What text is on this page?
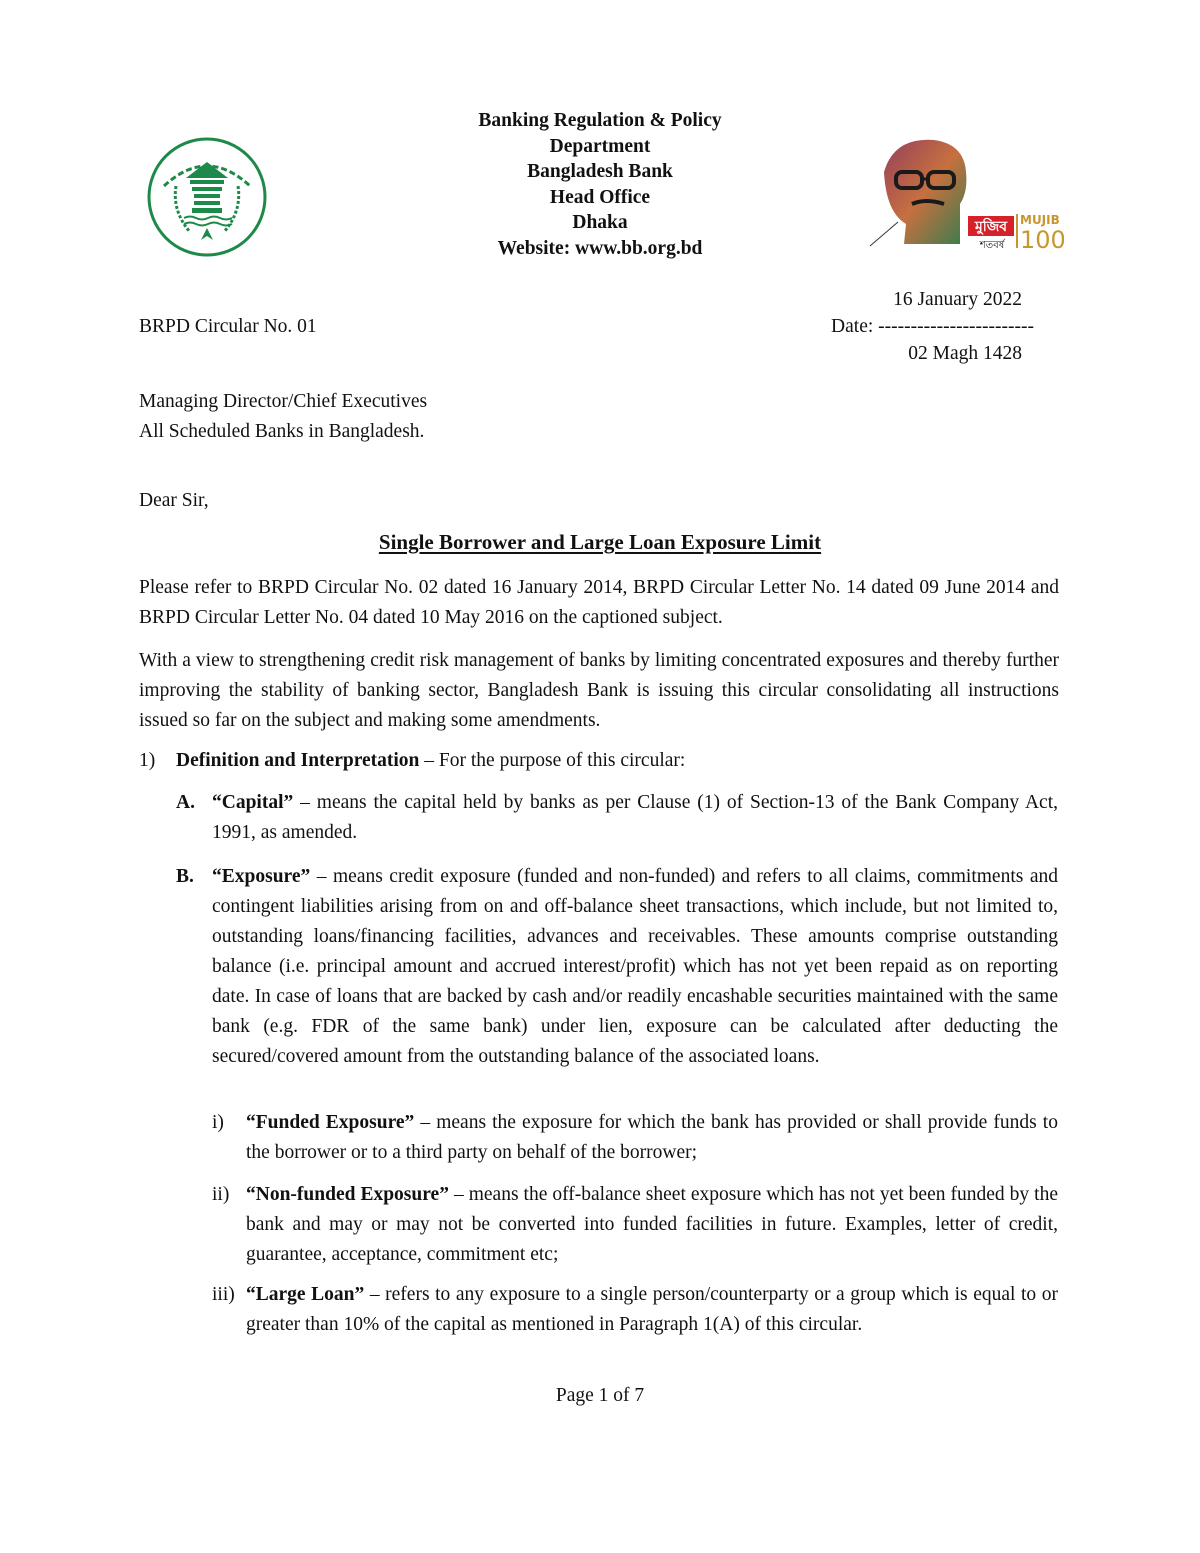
Banking Regulation & Policy
Department
Bangladesh Bank
Head Office
Dhaka
Website: www.bb.org.bd
মুজিব
শতবর্ষ
MUJIB
100
BRPD Circular No. 01
16 January 2022
Date: ------------------------
02 Magh 1428
Managing Director/Chief Executives
All Scheduled Banks in Bangladesh.
Dear Sir,
Single Borrower and Large Loan Exposure Limit
Please refer to BRPD Circular No. 02 dated 16 January 2014, BRPD Circular Letter No. 14 dated 09 June 2014 and BRPD Circular Letter No. 04 dated 10 May 2016 on the captioned subject.
With a view to strengthening credit risk management of banks by limiting concentrated exposures and thereby further improving the stability of banking sector, Bangladesh Bank is issuing this circular consolidating all instructions issued so far on the subject and making some amendments.
1) Definition and Interpretation – For the purpose of this circular:
A. “Capital” – means the capital held by banks as per Clause (1) of Section-13 of the Bank Company Act, 1991, as amended.
B. “Exposure” – means credit exposure (funded and non-funded) and refers to all claims, commitments and contingent liabilities arising from on and off-balance sheet transactions, which include, but not limited to, outstanding loans/financing facilities, advances and receivables. These amounts comprise outstanding balance (i.e. principal amount and accrued interest/profit) which has not yet been repaid as on reporting date. In case of loans that are backed by cash and/or readily encashable securities maintained with the same bank (e.g. FDR of the same bank) under lien, exposure can be calculated after deducting the secured/covered amount from the outstanding balance of the associated loans.
i) “Funded Exposure” – means the exposure for which the bank has provided or shall provide funds to the borrower or to a third party on behalf of the borrower;
ii) “Non-funded Exposure” – means the off-balance sheet exposure which has not yet been funded by the bank and may or may not be converted into funded facilities in future. Examples, letter of credit, guarantee, acceptance, commitment etc;
iii) “Large Loan” – refers to any exposure to a single person/counterparty or a group which is equal to or greater than 10% of the capital as mentioned in Paragraph 1(A) of this circular.
Page 1 of 7
